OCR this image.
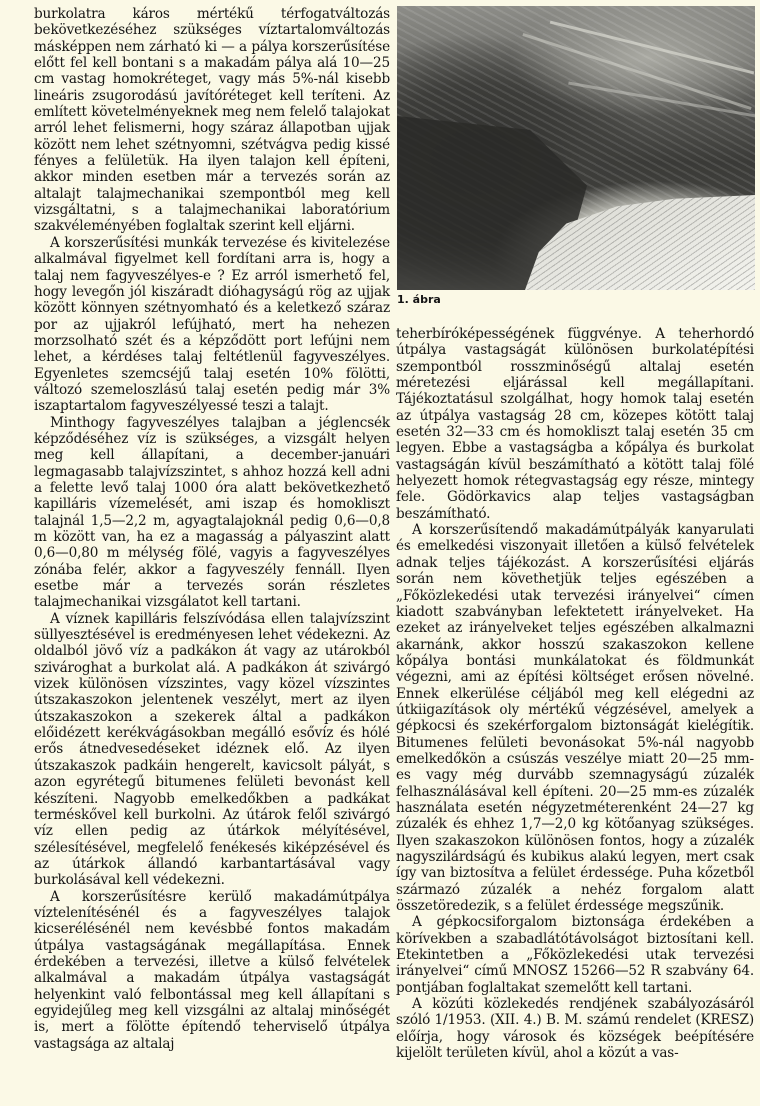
burkolatra káros mértékű térfogatváltozás bekövetkezéséhez szükséges víztartalomváltozás másképpen nem zárható ki — a pálya korszerűsítése előtt fel kell bontani s a makadám pálya alá 10—25 cm vastag homokréteget, vagy más 5%-nál kisebb lineáris zsugorodású javítóréteget kell teríteni. Az említett követelményeknek meg nem felelő talajokat arról lehet felismerni, hogy száraz állapotban ujjak között nem lehet szétnyomni, szétvágva pedig kissé fényes a felületük. Ha ilyen talajon kell építeni, akkor minden esetben már a tervezés során az altalajt talajmechanikai szempontból meg kell vizsgáltatni, s a talajmechanikai laboratórium szakvéleményében foglaltak szerint kell eljárni.

A korszerűsítési munkák tervezése és kivitelezése alkalmával figyelmet kell fordítani arra is, hogy a talaj nem fagyveszélyes-e ? Ez arról ismerhető fel, hogy levegőn jól kiszáradt dióhagyságú rög az ujjak között könnyen szétnyomható és a keletkező száraz por az ujjakról lefújható, mert ha nehezen morzsolható szét és a képződött port lefújni nem lehet, a kérdéses talaj feltétlenül fagyveszélyes. Egyenletes szemcséjű talaj esetén 10% fölötti, változó szemeloszlású talaj esetén pedig már 3% iszaptartalom fagyveszélyessé teszi a talajt.

Minthogy fagyveszélyes talajban a jéglencsék képződéséhez víz is szükséges, a vizsgált helyen meg kell állapítani, a december-januári legmagasabb talajvízszintet, s ahhoz hozzá kell adni a felette levő talaj 1000 óra alatt bekövetkezhető kapilláris vízemelését, ami iszap és homokliszt talajnál 1,5—2,2 m, agyagtalajoknál pedig 0,6—0,8 m között van, ha ez a magasság a pályaszint alatt 0,6—0,80 m mélység fölé, vagyis a fagyveszélyes zónába felér, akkor a fagyveszély fennáll. Ilyen esetbe már a tervezés során részletes talajmechanikai vizsgálatot kell tartani.

A víznek kapilláris felszívódása ellen talajvízszint süllyesztésével is eredményesen lehet védekezni. Az oldalból jövő víz a padkákon át vagy az utárokból szivároghat a burkolat alá. A padkákon át szivárgó vizek különösen vízszintes, vagy közel vízszintes útszakaszokon jelentenek veszélyt, mert az ilyen útszakaszokon a szekerek által a padkákon előidézett kerékvágásokban megálló esővíz és hólé erős átnedvesedéseket idéznek elő. Az ilyen útszakaszok padkáin hengerelt, kavicsolt pályát, s azon egyrétegű bitumenes felületi bevonást kell készíteni. Nagyobb emelkedőkben a padkákat terméskővel kell burkolni. Az útárok felől szivárgó víz ellen pedig az útárkok mélyítésével, szélesítésével, megfelelő fenékesés kiképzésével és az útárkok állandó karbantartásával vagy burkolásával kell védekezni.

A korszerűsítésre kerülő makadámútpálya víztelenítésénél és a fagyveszélyes talajok kicserélésénél nem kevésbbé fontos makadám útpálya vastagságának megállapítása. Ennek érdekében a tervezési, illetve a külső felvételek alkalmával a makadám útpálya vastagságát helyenkint való felbontással meg kell állapítani s egyidejűleg meg kell vizsgálni az altalaj minőségét is, mert a fölötte építendő teherviselő útpálya vastagsága az altalaj

1. ábra

teherbíróképességének függvénye. A teherhordó útpálya vastagságát különösen burkolatépítési szempontból rosszminőségű altalaj esetén méretezési eljárással kell megállapítani. Tájékoztatásul szolgálhat, hogy homok talaj esetén az útpálya vastagság 28 cm, közepes kötött talaj esetén 32—33 cm és homokliszt talaj esetén 35 cm legyen. Ebbe a vastagságba a kőpálya és burkolat vastagságán kívül beszámítható a kötött talaj fölé helyezett homok rétegvastagság egy része, mintegy fele. Gödörkavics alap teljes vastagságban beszámítható.

A korszerűsítendő makadámútpályák kanyarulati és emelkedési viszonyait illetően a külső felvételek adnak teljes tájékozást. A korszerűsítési eljárás során nem követhetjük teljes egészében a „Főközlekedési utak tervezési irányelvei“ címen kiadott szabványban lefektetett irányelveket. Ha ezeket az irányelveket teljes egészében alkalmazni akarnánk, akkor hosszú szakaszokon kellene kőpálya bontási munkálatokat és földmunkát végezni, ami az építési költséget erősen növelné. Ennek elkerülése céljából meg kell elégedni az útkiigazítások oly mértékű végzésével, amelyek a gépkocsi és szekérforgalom biztonságát kielégítik. Bitumenes felületi bevonásokat 5%-nál nagyobb emelkedőkön a csúszás veszélye miatt 20—25 mm-es vagy még durvább szemnagyságú zúzalék felhasználásával kell építeni. 20—25 mm-es zúzalék használata esetén négyzetméterenként 24—27 kg zúzalék és ehhez 1,7—2,0 kg kötőanyag szükséges. Ilyen szakaszokon különösen fontos, hogy a zúzalék nagyszilárdságú és kubikus alakú legyen, mert csak így van biztosítva a felület érdessége. Puha kőzetből származó zúzalék a nehéz forgalom alatt összetöredezik, s a felület érdessége megszűnik.

A gépkocsiforgalom biztonsága érdekében a körívekben a szabadlátótávolságot biztosítani kell. Etekintetben a „Főközlekedési utak tervezési irányelvei“ című MNOSZ 15266—52 R szabvány 64. pontjában foglaltakat szemelőtt kell tartani.

A közúti közlekedés rendjének szabályozásáról szóló 1/1953. (XII. 4.) B. M. számú rendelet (KRESZ) előírja, hogy városok és községek beépítésére kijelölt területen kívül, ahol a közút a vas-
